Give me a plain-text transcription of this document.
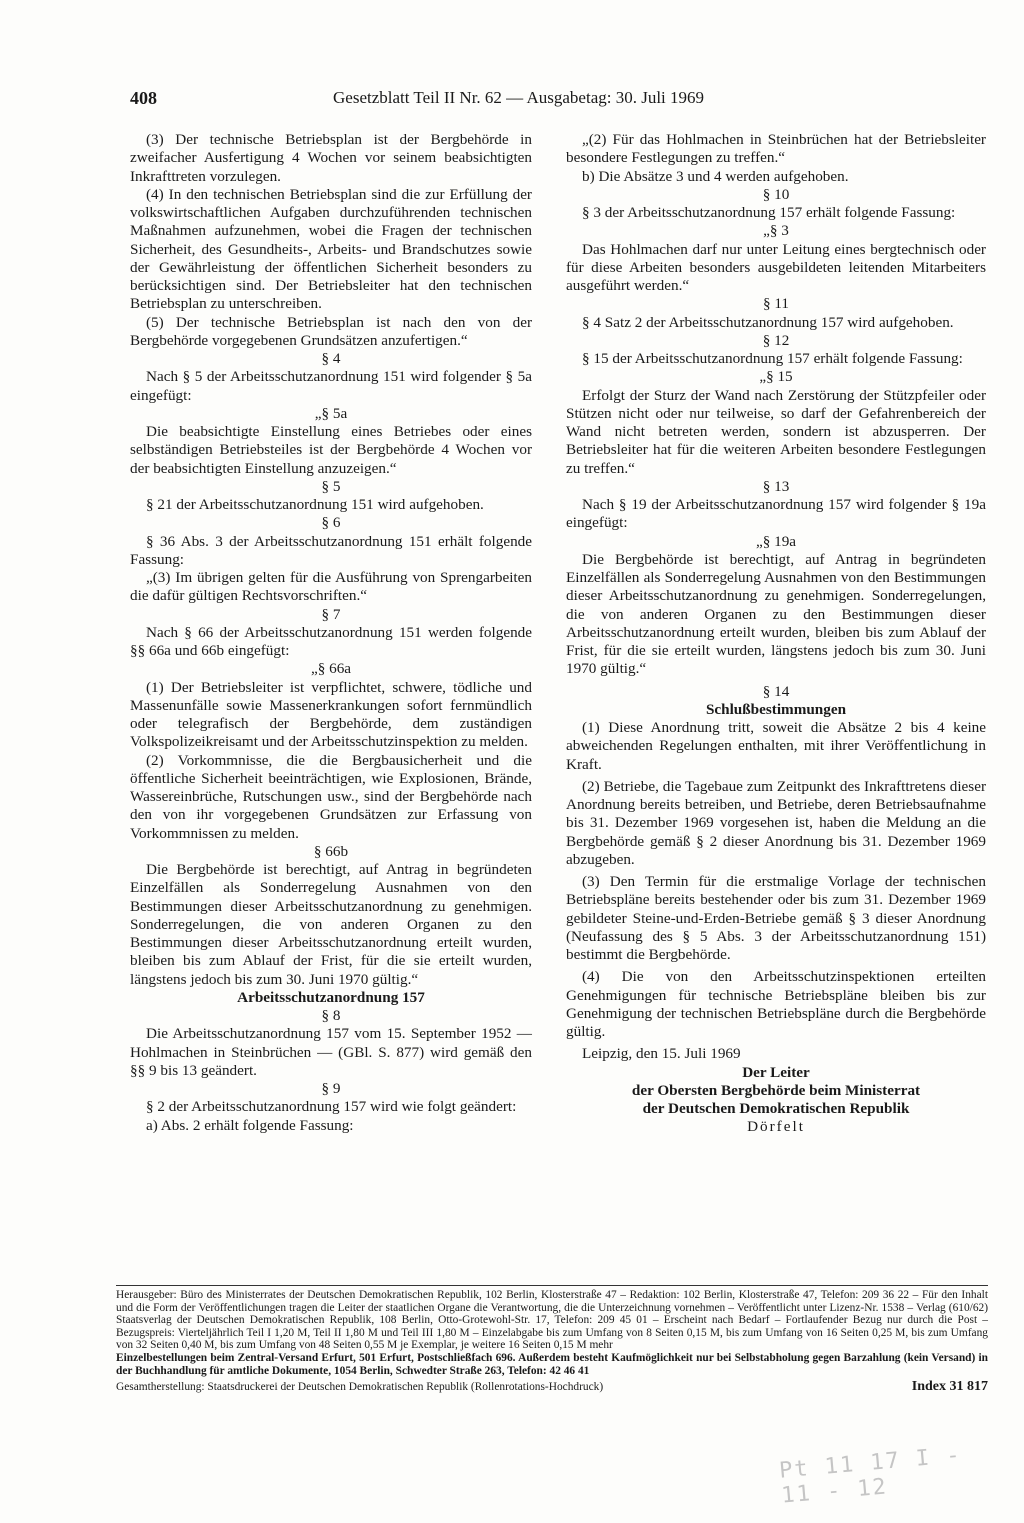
408	Gesetzblatt Teil II Nr. 62 — Ausgabetag: 30. Juli 1969

(3) Der technische Betriebsplan ist der Bergbehörde in zweifacher Ausfertigung 4 Wochen vor seinem beabsichtigten Inkrafttreten vorzulegen.

(4) In den technischen Betriebsplan sind die zur Erfüllung der volkswirtschaftlichen Aufgaben durchzuführenden technischen Maßnahmen aufzunehmen, wobei die Fragen der technischen Sicherheit, des Gesundheits-, Arbeits- und Brandschutzes sowie der Gewährleistung der öffentlichen Sicherheit besonders zu berücksichtigen sind. Der Betriebsleiter hat den technischen Betriebsplan zu unterschreiben.

(5) Der technische Betriebsplan ist nach den von der Bergbehörde vorgegebenen Grundsätzen anzufertigen.“

§ 4

Nach § 5 der Arbeitsschutzanordnung 151 wird folgender § 5a eingefügt:

„§ 5a

Die beabsichtigte Einstellung eines Betriebes oder eines selbständigen Betriebsteiles ist der Bergbehörde 4 Wochen vor der beabsichtigten Einstellung anzuzeigen.“

§ 5

§ 21 der Arbeitsschutzanordnung 151 wird aufgehoben.

§ 6

§ 36 Abs. 3 der Arbeitsschutzanordnung 151 erhält folgende Fassung:

„(3) Im übrigen gelten für die Ausführung von Sprengarbeiten die dafür gültigen Rechtsvorschriften.“

§ 7

Nach § 66 der Arbeitsschutzanordnung 151 werden folgende §§ 66a und 66b eingefügt:

„§ 66a

(1) Der Betriebsleiter ist verpflichtet, schwere, tödliche und Massenunfälle sowie Massenerkrankungen sofort fernmündlich oder telegrafisch der Bergbehörde, dem zuständigen Volkspolizeikreisamt und der Arbeitsschutzinspektion zu melden.

(2) Vorkommnisse, die die Bergbausicherheit und die öffentliche Sicherheit beeinträchtigen, wie Explosionen, Brände, Wassereinbrüche, Rutschungen usw., sind der Bergbehörde nach den von ihr vorgegebenen Grundsätzen zur Erfassung von Vorkommnissen zu melden.

§ 66b

Die Bergbehörde ist berechtigt, auf Antrag in begründeten Einzelfällen als Sonderregelung Ausnahmen von den Bestimmungen dieser Arbeitsschutzanordnung zu genehmigen. Sonderregelungen, die von anderen Organen zu den Bestimmungen dieser Arbeitsschutzanordnung erteilt wurden, bleiben bis zum Ablauf der Frist, für die sie erteilt wurden, längstens jedoch bis zum 30. Juni 1970 gültig.“

Arbeitsschutzanordnung 157

§ 8

Die Arbeitsschutzanordnung 157 vom 15. September 1952 — Hohlmachen in Steinbrüchen — (GBl. S. 877) wird gemäß den §§ 9 bis 13 geändert.

§ 9

§ 2 der Arbeitsschutzanordnung 157 wird wie folgt geändert:

a) Abs. 2 erhält folgende Fassung:

„(2) Für das Hohlmachen in Steinbrüchen hat der Betriebsleiter besondere Festlegungen zu treffen.“

b) Die Absätze 3 und 4 werden aufgehoben.

§ 10

§ 3 der Arbeitsschutzanordnung 157 erhält folgende Fassung:

„§ 3

Das Hohlmachen darf nur unter Leitung eines bergtechnisch oder für diese Arbeiten besonders ausgebildeten leitenden Mitarbeiters ausgeführt werden.“

§ 11

§ 4 Satz 2 der Arbeitsschutzanordnung 157 wird aufgehoben.

§ 12

§ 15 der Arbeitsschutzanordnung 157 erhält folgende Fassung:

„§ 15

Erfolgt der Sturz der Wand nach Zerstörung der Stützpfeiler oder Stützen nicht oder nur teilweise, so darf der Gefahrenbereich der Wand nicht betreten werden, sondern ist abzusperren. Der Betriebsleiter hat für die weiteren Arbeiten besondere Festlegungen zu treffen.“

§ 13

Nach § 19 der Arbeitsschutzanordnung 157 wird folgender § 19a eingefügt:

„§ 19a

Die Bergbehörde ist berechtigt, auf Antrag in begründeten Einzelfällen als Sonderregelung Ausnahmen von den Bestimmungen dieser Arbeitsschutzanordnung zu genehmigen. Sonderregelungen, die von anderen Organen zu den Bestimmungen dieser Arbeitsschutzanordnung erteilt wurden, bleiben bis zum Ablauf der Frist, für die sie erteilt wurden, längstens jedoch bis zum 30. Juni 1970 gültig.“

§ 14

Schlußbestimmungen

(1) Diese Anordnung tritt, soweit die Absätze 2 bis 4 keine abweichenden Regelungen enthalten, mit ihrer Veröffentlichung in Kraft.

(2) Betriebe, die Tagebaue zum Zeitpunkt des Inkrafttretens dieser Anordnung bereits betreiben, und Betriebe, deren Betriebsaufnahme bis 31. Dezember 1969 vorgesehen ist, haben die Meldung an die Bergbehörde gemäß § 2 dieser Anordnung bis 31. Dezember 1969 abzugeben.

(3) Den Termin für die erstmalige Vorlage der technischen Betriebspläne bereits bestehender oder bis zum 31. Dezember 1969 gebildeter Steine-und-Erden-Betriebe gemäß § 3 dieser Anordnung (Neufassung des § 5 Abs. 3 der Arbeitsschutzanordnung 151) bestimmt die Bergbehörde.

(4) Die von den Arbeitsschutzinspektionen erteilten Genehmigungen für technische Betriebspläne bleiben bis zur Genehmigung der technischen Betriebspläne durch die Bergbehörde gültig.

Leipzig, den 15. Juli 1969

Der Leiter

der Obersten Bergbehörde beim Ministerrat

der Deutschen Demokratischen Republik

Dörfelt

Herausgeber: Büro des Ministerrates der Deutschen Demokratischen Republik, 102 Berlin, Klosterstraße 47 – Redaktion: 102 Berlin, Klosterstraße 47, Telefon: 209 36 22 – Für den Inhalt und die Form der Veröffentlichungen tragen die Leiter der staatlichen Organe die Verantwortung, die die Unterzeichnung vornehmen – Veröffentlicht unter Lizenz-Nr. 1538 – Verlag (610/62) Staatsverlag der Deutschen Demokratischen Republik, 108 Berlin, Otto-Grotewohl-Str. 17, Telefon: 209 45 01 – Erscheint nach Bedarf – Fortlaufender Bezug nur durch die Post – Bezugspreis: Vierteljährlich Teil I 1,20 M, Teil II 1,80 M und Teil III 1,80 M – Einzelabgabe bis zum Umfang von 8 Seiten 0,15 M, bis zum Umfang von 16 Seiten 0,25 M, bis zum Umfang von 32 Seiten 0,40 M, bis zum Umfang von 48 Seiten 0,55 M je Exemplar, je weitere 16 Seiten 0,15 M mehr

Einzelbestellungen beim Zentral-Versand Erfurt, 501 Erfurt, Postschließfach 696. Außerdem besteht Kaufmöglichkeit nur bei Selbstabholung gegen Barzahlung (kein Versand) in der Buchhandlung für amtliche Dokumente, 1054 Berlin, Schwedter Straße 263, Telefon: 42 46 41

Gesamtherstellung: Staatsdruckerei der Deutschen Demokratischen Republik (Rollenrotations-Hochdruck)	Index 31 817
Pt 11 17 I - 11 - 12
